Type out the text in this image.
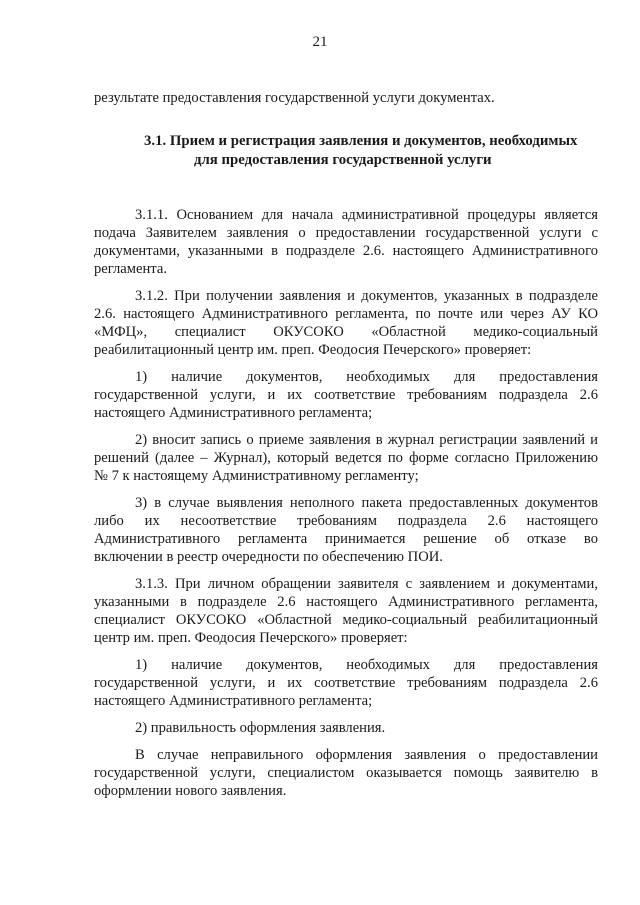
21
результате предоставления государственной услуги документах.
3.1. Прием и регистрация заявления и документов, необходимых
для предоставления государственной услуги
3.1.1. Основанием для начала административной процедуры является
подача Заявителем заявления о предоставлении государственной услуги с
документами, указанными в подразделе 2.6. настоящего Административного
регламента.
3.1.2. При получении заявления и документов, указанных в подразделе
2.6. настоящего Административного регламента, по почте или через АУ КО
«МФЦ», специалист ОКУСОКО «Областной медико-социальный
реабилитационный центр им. преп. Феодосия Печерского» проверяет:
1) наличие документов, необходимых для предоставления
государственной услуги, и их соответствие требованиям подраздела 2.6
настоящего Административного регламента;
2) вносит запись о приеме заявления в журнал регистрации заявлений и
решений (далее – Журнал), который ведется по форме согласно Приложению
№ 7 к настоящему Административному регламенту;
3) в случае выявления неполного пакета предоставленных документов
либо их несоответствие требованиям подраздела 2.6 настоящего
Административного регламента принимается решение об отказе во
включении в реестр очередности по обеспечению ПОИ.
3.1.3. При личном обращении заявителя с заявлением и документами,
указанными в подразделе 2.6 настоящего Административного регламента,
специалист ОКУСОКО «Областной медико-социальный реабилитационный
центр им. преп. Феодосия Печерского» проверяет:
1) наличие документов, необходимых для предоставления
государственной услуги, и их соответствие требованиям подраздела 2.6
настоящего Административного регламента;
2) правильность оформления заявления.
В случае неправильного оформления заявления о предоставлении
государственной услуги, специалистом оказывается помощь заявителю в
оформлении нового заявления.
